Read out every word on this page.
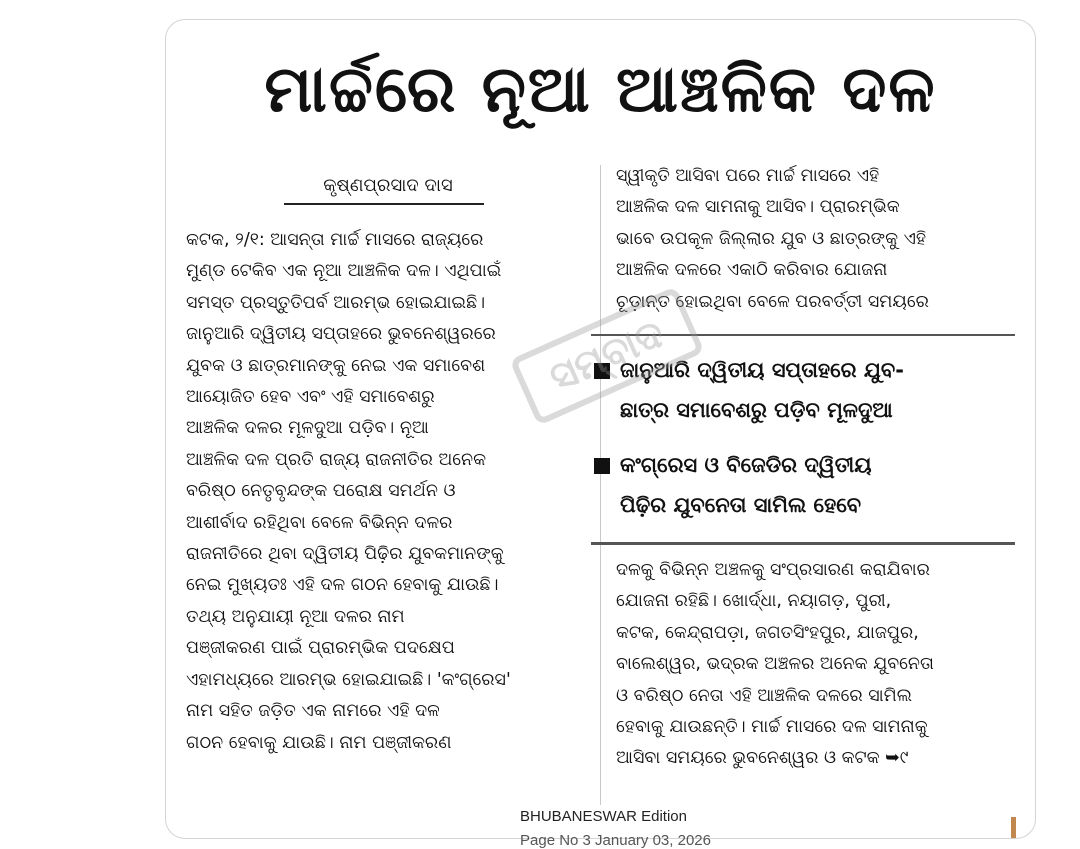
ମାର୍ଚ୍ଚରେ ନୂଆ ଆଞ୍ଚଳିକ ଦଳ
କୃଷ୍ଣପ୍ରସାଦ ଦାସ
କଟକ, ୨/୧: ଆସନ୍ତା ମାର୍ଚ୍ଚ ମାସରେ ରାଜ୍ୟରେ
ମୁଣ୍ଡ ଟେକିବ ଏକ ନୂଆ ଆଞ୍ଚଳିକ ଦଳ। ଏଥିପାଇଁ
ସମସ୍ତ ପ୍ରସ୍ତୁତିପର୍ବ ଆରମ୍ଭ ହୋଇଯାଇଛି।
ଜାନୁଆରି ଦ୍ୱିତୀୟ ସପ୍ତାହରେ ଭୁବନେଶ୍ୱରରେ
ଯୁବକ ଓ ଛାତ୍ରମାନଙ୍କୁ ନେଇ ଏକ ସମାବେଶ
ଆୟୋଜିତ ହେବ ଏବଂ ଏହି ସମାବେଶରୁ
ଆଞ୍ଚଳିକ ଦଳର ମୂଳଦୁଆ ପଡ଼ିବ। ନୂଆ
ଆଞ୍ଚଳିକ ଦଳ ପ୍ରତି ରାଜ୍ୟ ରାଜନୀତିର ଅନେକ
ବରିଷ୍ଠ ନେତୃବୃନ୍ଦଙ୍କ ପରୋକ୍ଷ ସମର୍ଥନ ଓ
ଆଶୀର୍ବାଦ ରହିଥିବା ବେଳେ ବିଭିନ୍ନ ଦଳର
ରାଜନୀତିରେ ଥିବା ଦ୍ୱିତୀୟ ପିଢ଼ିର ଯୁବକମାନଙ୍କୁ
ନେଇ ମୁଖ୍ୟତଃ ଏହି ଦଳ ଗଠନ ହେବାକୁ ଯାଉଛି।
ତଥ୍ୟ ଅନୁଯାୟୀ ନୂଆ ଦଳର ନାମ
ପଞ୍ଜୀକରଣ ପାଇଁ ପ୍ରାରମ୍ଭିକ ପଦକ୍ଷେପ
ଏହାମଧ୍ୟରେ ଆରମ୍ଭ ହୋଇଯାଇଛି। 'କଂଗ୍ରେସ'
ନାମ ସହିତ ଜଡ଼ିତ ଏକ ନାମରେ ଏହି ଦଳ
ଗଠନ ହେବାକୁ ଯାଉଛି। ନାମ ପଞ୍ଜୀକରଣ
ସ୍ୱୀକୃତି ଆସିବା ପରେ ମାର୍ଚ୍ଚ ମାସରେ ଏହି
ଆଞ୍ଚଳିକ ଦଳ ସାମନାକୁ ଆସିବ। ପ୍ରାରମ୍ଭିକ
ଭାବେ ଉପକୂଳ ଜିଲ୍ଲାର ଯୁବ ଓ ଛାତ୍ରଙ୍କୁ ଏହି
ଆଞ୍ଚଳିକ ଦଳରେ ଏକାଠି କରିବାର ଯୋଜନା
ଚୂଡ଼ାନ୍ତ ହୋଇଥିବା ବେଳେ ପରବର୍ତ୍ତୀ ସମୟରେ
ଜାନୁଆରି ଦ୍ୱିତୀୟ ସପ୍ତାହରେ ଯୁବ-
ଛାତ୍ର ସମାବେଶରୁ ପଡ଼ିବ ମୂଳଦୁଆ
କଂଗ୍ରେସ ଓ ବିଜେଡିର ଦ୍ୱିତୀୟ
ପିଢ଼ିର ଯୁବନେତା ସାମିଲ ହେବେ
ଦଳକୁ ବିଭିନ୍ନ ଅଞ୍ଚଳକୁ ସଂପ୍ରସାରଣ କରାଯିବାର
ଯୋଜନା ରହିଛି। ଖୋର୍ଦ୍ଧା, ନୟାଗଡ଼, ପୁରୀ,
କଟକ, କେନ୍ଦ୍ରାପଡ଼ା, ଜଗତସିଂହପୁର, ଯାଜପୁର,
ବାଲେଶ୍ୱର, ଭଦ୍ରକ ଅଞ୍ଚଳର ଅନେକ ଯୁବନେତା
ଓ ବରିଷ୍ଠ ନେତା ଏହି ଆଞ୍ଚଳିକ ଦଳରେ ସାମିଲ
ହେବାକୁ ଯାଉଛନ୍ତି। ମାର୍ଚ୍ଚ ମାସରେ ଦଳ ସାମନାକୁ
ଆସିବା ସମୟରେ ଭୁବନେଶ୍ୱର ଓ କଟକ ➥୯
ସମ୍ବାଦ
BHUBANESWAR Edition
Page No 3 January 03, 2026
